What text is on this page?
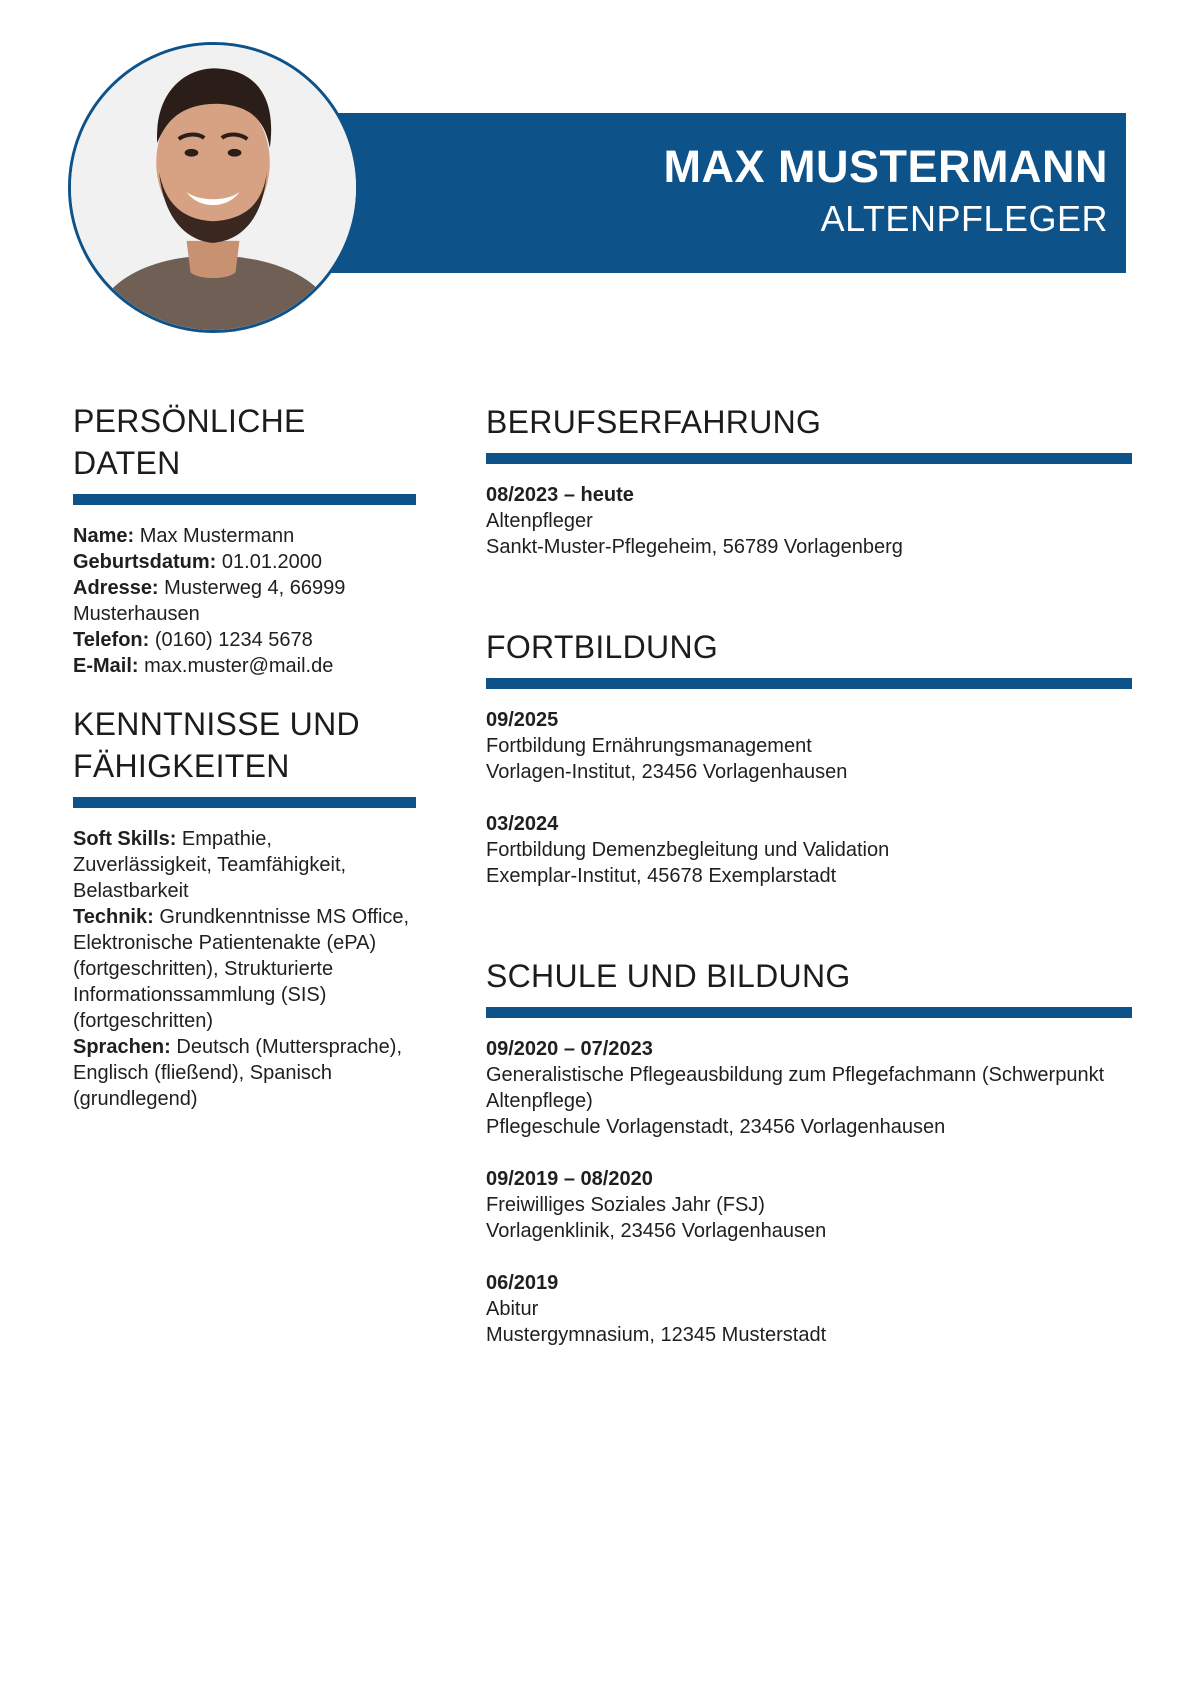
MAX MUSTERMANN
ALTENPFLEGER
PERSÖNLICHE DATEN
Name: Max Mustermann
Geburtsdatum: 01.01.2000
Adresse: Musterweg 4, 66999 Musterhausen
Telefon: (0160) 1234 5678
E-Mail: max.muster@mail.de
KENNTNISSE UND FÄHIGKEITEN
Soft Skills: Empathie, Zuverlässigkeit, Teamfähigkeit, Belastbarkeit
Technik: Grundkenntnisse MS Office, Elektronische Patientenakte (ePA) (fortgeschritten), Strukturierte Informationssammlung (SIS) (fortgeschritten)
Sprachen: Deutsch (Muttersprache), Englisch (fließend), Spanisch (grundlegend)
BERUFSERFAHRUNG
08/2023 – heute
Altenpfleger
Sankt-Muster-Pflegeheim, 56789 Vorlagenberg
FORTBILDUNG
09/2025
Fortbildung Ernährungsmanagement
Vorlagen-Institut, 23456 Vorlagenhausen
03/2024
Fortbildung Demenzbegleitung und Validation
Exemplar-Institut, 45678 Exemplarstadt
SCHULE UND BILDUNG
09/2020 – 07/2023
Generalistische Pflegeausbildung zum Pflegefachmann (Schwerpunkt Altenpflege)
Pflegeschule Vorlagenstadt, 23456 Vorlagenhausen
09/2019 – 08/2020
Freiwilliges Soziales Jahr (FSJ)
Vorlagenklinik, 23456 Vorlagenhausen
06/2019
Abitur
Mustergymnasium, 12345 Musterstadt
